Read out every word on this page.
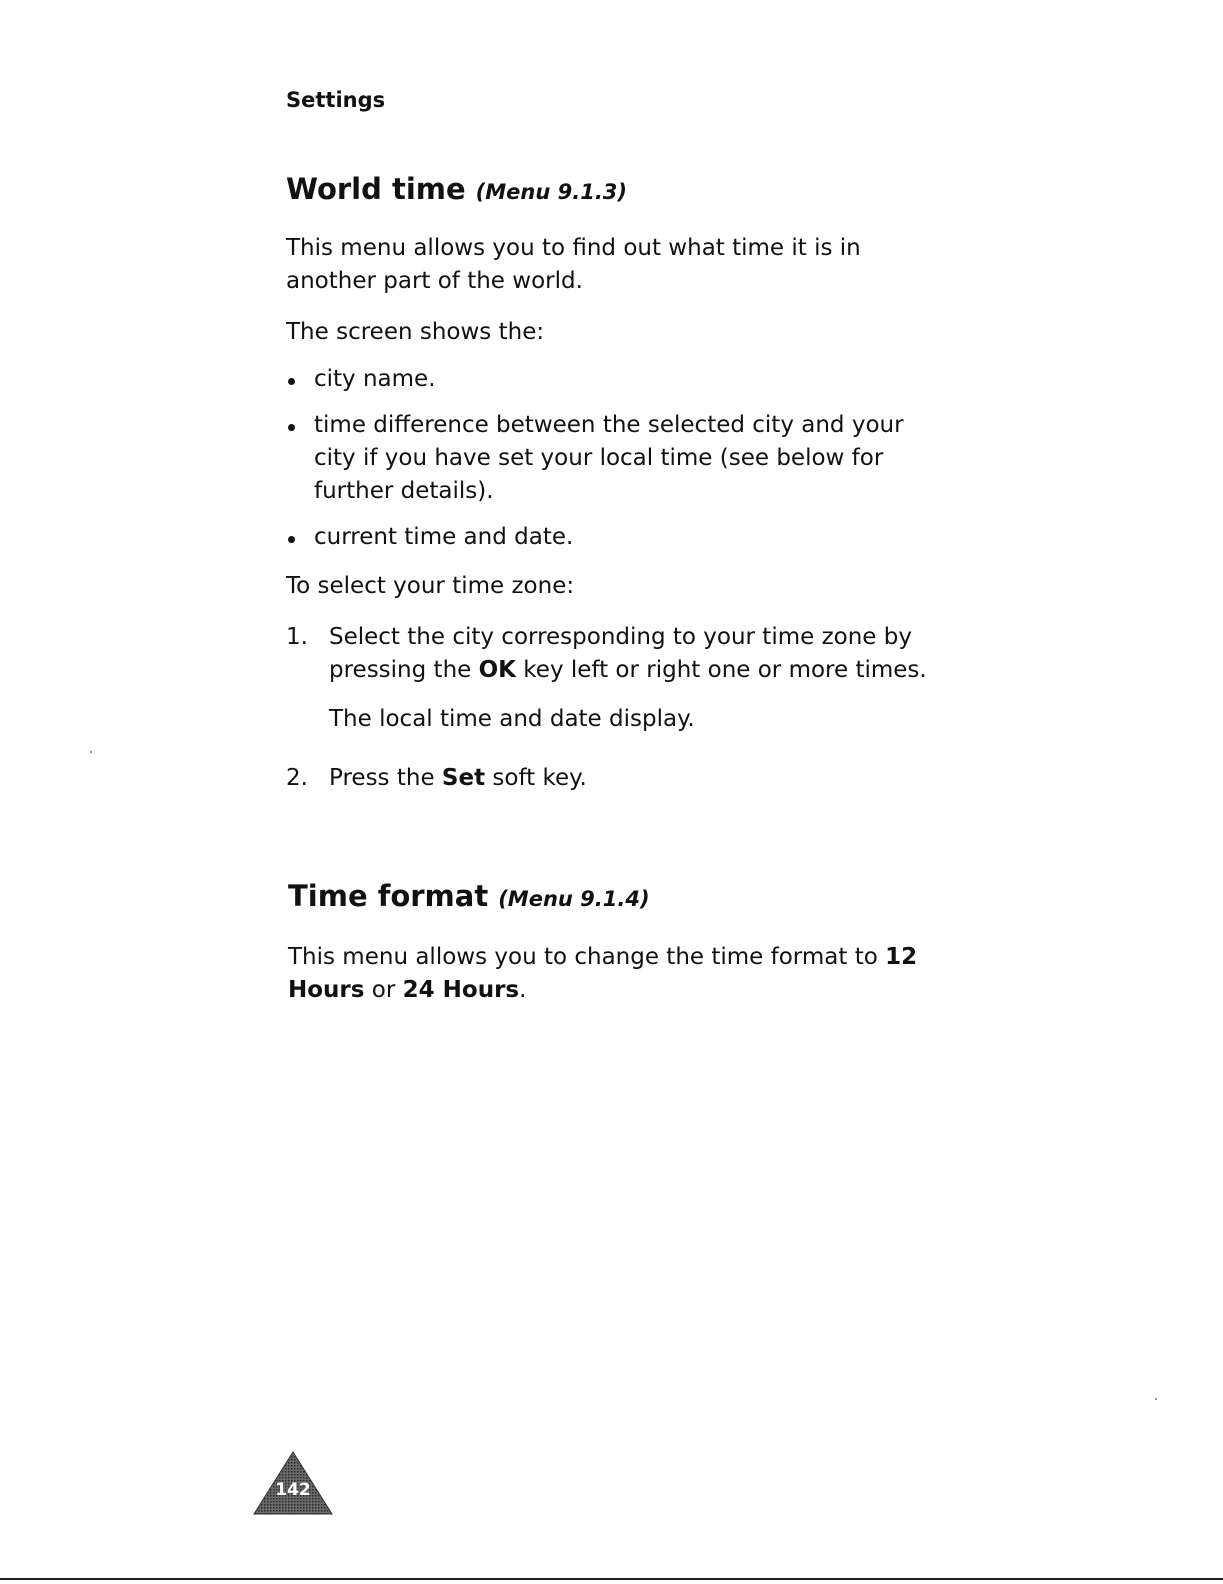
Settings

World time (Menu 9.1.3)

This menu allows you to find out what time it is in another part of the world.

The screen shows the:

city name.
time difference between the selected city and your city if you have set your local time (see below for further details).
current time and date.

To select your time zone:

1. Select the city corresponding to your time zone by pressing the OK key left or right one or more times.
The local time and date display.
2. Press the Set soft key.
Time format (Menu 9.1.4)

This menu allows you to change the time format to 12 Hours or 24 Hours.

142
